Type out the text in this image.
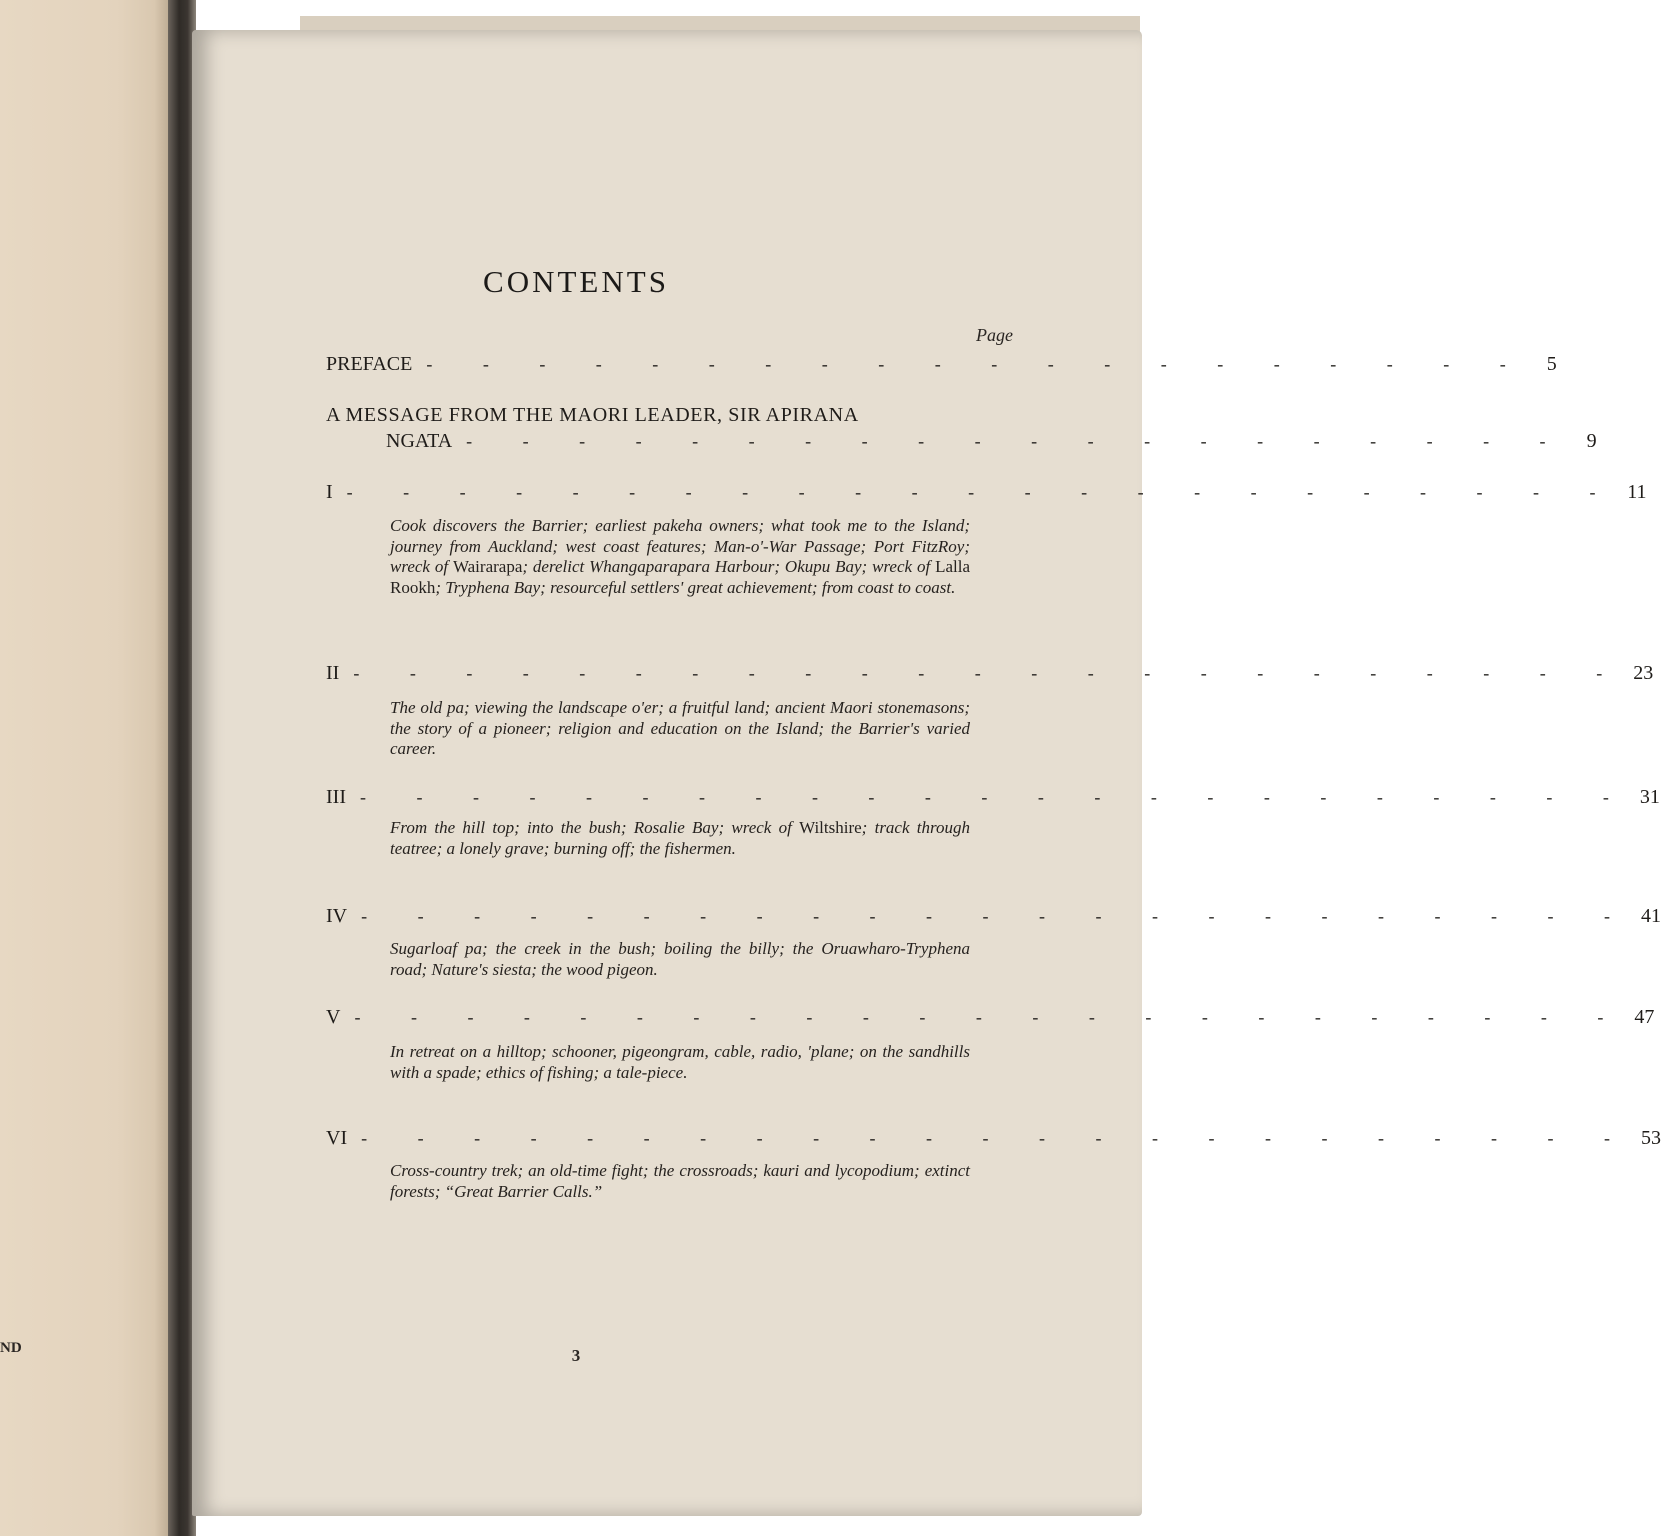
ND
CONTENTS
Page
PREFACE - - - - - - - - - - - - - - - - - - - - 5
A MESSAGE FROM THE MAORI LEADER, SIR APIRANA
NGATA - - - - - - - - - - - - - - - - - - - - 9
I - - - - - - - - - - - - - - - - - - - - - - - 11
Cook discovers the Barrier; earliest pakeha owners; what took me to the Island; journey from Auckland; west coast features; Man-o'-War Passage; Port FitzRoy; wreck of Wairarapa; derelict Whangaparapara Harbour; Okupu Bay; wreck of Lalla Rookh; Tryphena Bay; resourceful settlers' great achievement; from coast to coast.
II - - - - - - - - - - - - - - - - - - - - - - - 23
The old pa; viewing the landscape o'er; a fruitful land; ancient Maori stonemasons; the story of a pioneer; religion and education on the Island; the Barrier's varied career.
III - - - - - - - - - - - - - - - - - - - - - - - 31
From the hill top; into the bush; Rosalie Bay; wreck of Wiltshire; track through teatree; a lonely grave; burning off; the fishermen.
IV - - - - - - - - - - - - - - - - - - - - - - - 41
Sugarloaf pa; the creek in the bush; boiling the billy; the Oruawharo-Tryphena road; Nature's siesta; the wood pigeon.
V - - - - - - - - - - - - - - - - - - - - - - - 47
In retreat on a hilltop; schooner, pigeongram, cable, radio, 'plane; on the sandhills with a spade; ethics of fishing; a tale-piece.
VI - - - - - - - - - - - - - - - - - - - - - - - 53
Cross-country trek; an old-time fight; the crossroads; kauri and lycopodium; extinct forests; “Great Barrier Calls.”
3
